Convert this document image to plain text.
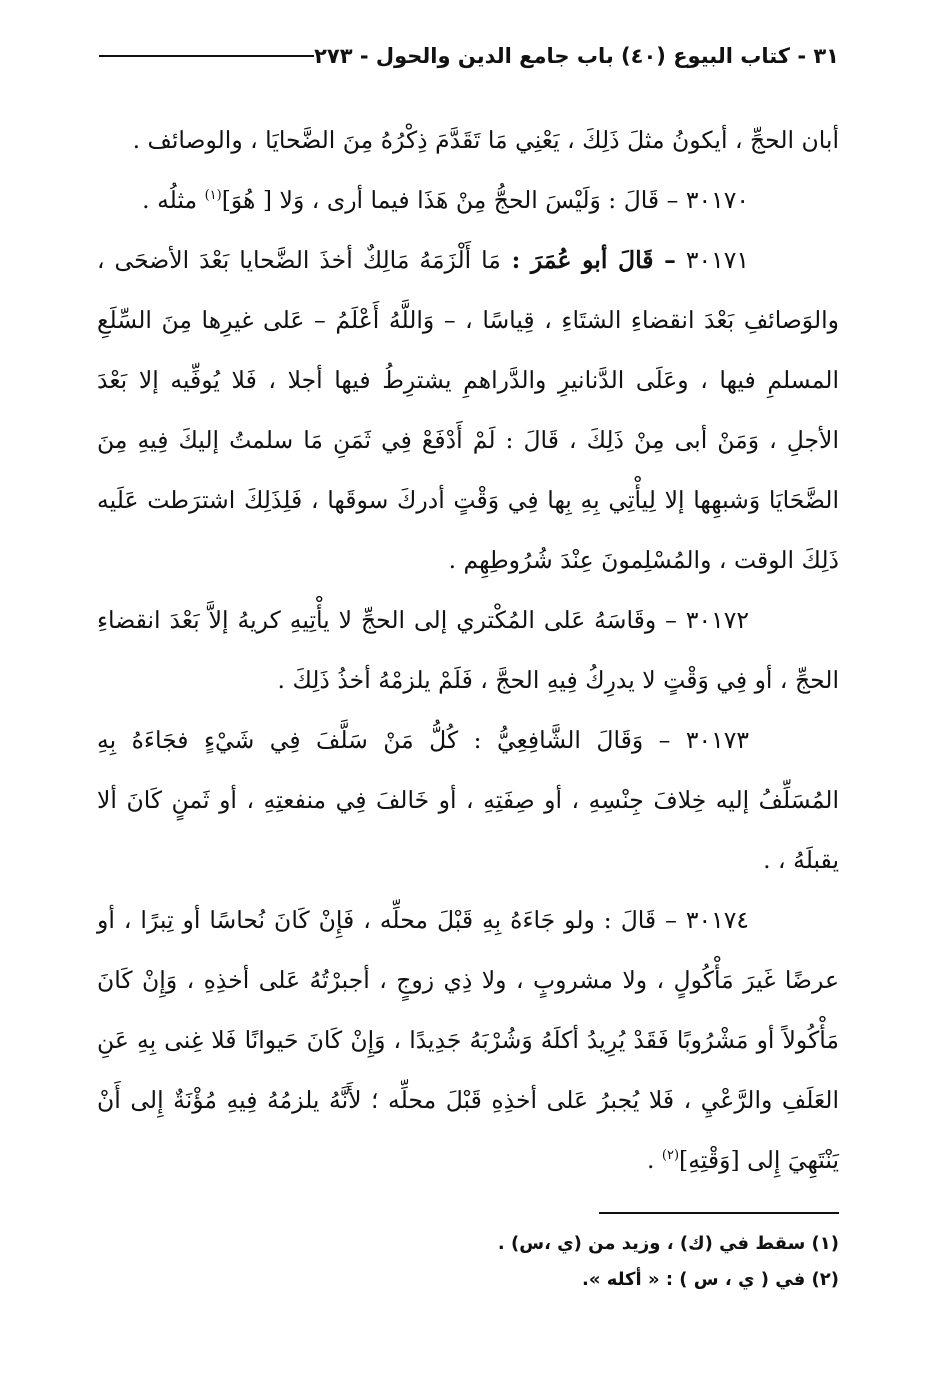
٣١ - كتاب البيوع (٤٠) باب جامع الدين والحول - ٢٧٣

أبان الحجِّ ، أيكونُ مثلَ ذَلِكَ ، يَعْنِي مَا تَقَدَّمَ ذِكْرُهُ مِنَ الضَّحايَا ، والوصائف .

٣٠١٧٠ – قَالَ : وَلَيْسَ الحجُّ مِنْ هَذَا فيما أرى ، وَلا [ هُوَ]$^{(١)}$ مثلُه .

٣٠١٧١ – قَالَ أبو عُمَرَ : مَا أَلْزَمَهُ مَالِكٌ أخذَ الضَّحايا بَعْدَ الأضحَى ، والوَصائفِ بَعْدَ انقضاءِ الشتَاءِ ، قِياسًا ، – وَاللَّهُ أَعْلَمُ – عَلى غيرِها مِنَ السِّلَعِ المسلمِ فيها ، وعَلَى الدَّنانيرِ والدَّراهمِ يشترِطُ فيها أجلا ، فَلا يُوفِّيه إلا بَعْدَ الأجلِ ، وَمَنْ أبى مِنْ ذَلِكَ ، قَالَ : لَمْ أَدْفَعْ فِي ثَمَنِ مَا سلمتُ إليكَ فِيهِ مِنَ الضَّحَايَا وَشبهِها إلا لِيأْتِي بِهِ بِها فِي وَقْتٍ أدركَ سوقَها ، فَلِذَلِكَ اشترَطت عَلَيه ذَلِكَ الوقت ، والمُسْلِمونَ عِنْدَ شُرُوطِهِم .

٣٠١٧٢ – وقَاسَهُ عَلى المُكْتري إلى الحجِّ لا يأْتِيهِ كريهُ إلاَّ بَعْدَ انقضاءِ الحجِّ ، أو فِي وَقْتٍ لا يدرِكُ فِيهِ الحجَّ ، فَلَمْ يلزمْهُ أخذُ ذَلِكَ .

٣٠١٧٣ – وَقَالَ الشَّافِعِيُّ : كُلُّ مَنْ سَلَّفَ فِي شَيْءٍ فجَاءَهُ بِهِ المُسَلِّفُ إليه خِلافَ جِنْسِهِ ، أو صِفَتِهِ ، أو خَالفَ فِي منفعتِهِ ، أو ثَمنٍ كَانَ ألا يقبلَهُ ، .

٣٠١٧٤ – قَالَ : ولو جَاءَهُ بِهِ قَبْلَ محلِّه ، فَإِنْ كَانَ نُحاسًا أو تِبرًا ، أو عرضًا غَيرَ مَأْكُولٍ ، ولا مشروبٍ ، ولا ذِي زوجٍ ، أجبرْتُهُ عَلى أخذِهِ ، وَإِنْ كَانَ مَأْكُولاً أو مَشْرُوبًا فَقَدْ يُرِيدُ أكلَهُ وَشُرْبَهُ جَدِيدًا ، وَإِنْ كَانَ حَيوانًا فَلا غِنى بِهِ عَنِ العَلَفِ والرَّعْيِ ، فَلا يُجبرُ عَلى أخذِهِ قَبْلَ محلِّه ؛ لأَنَّهُ يلزمُهُ فِيهِ مُؤْنَةٌ إِلى أَنْ يَنْتَهِيَ إِلى [وَقْتِهِ]$^{(٢)}$ .

(١) سقط في (ك) ، وزيد من (ي ،س) .

(٢) في ( ي ، س ) : « أكله ».
